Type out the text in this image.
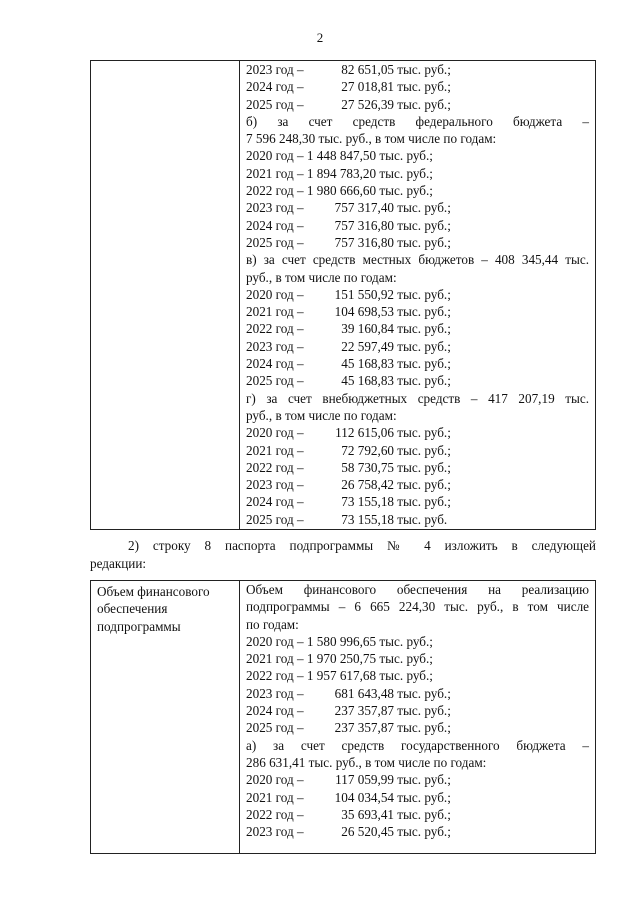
2

2023 год –	82 651,05 тыс. руб.;
2024 год –	27 018,81 тыс. руб.;
2025 год –	27 526,39 тыс. руб.;
б) за счет средств федерального бюджета –
7 596 248,30 тыс. руб., в том числе по годам:
2020 год – 1 448 847,50 тыс. руб.;
2021 год – 1 894 783,20 тыс. руб.;
2022 год – 1 980 666,60 тыс. руб.;
2023 год – 757 317,40 тыс. руб.;
2024 год – 757 316,80 тыс. руб.;
2025 год – 757 316,80 тыс. руб.;
в) за счет средств местных бюджетов – 408 345,44 тыс.
руб., в том числе по годам:
2020 год – 151 550,92 тыс. руб.;
2021 год – 104 698,53 тыс. руб.;
2022 год –	39 160,84 тыс. руб.;
2023 год –	22 597,49 тыс. руб.;
2024 год –	45 168,83 тыс. руб.;
2025 год –	45 168,83 тыс. руб.;
г) за счет внебюджетных средств – 417 207,19 тыс.
руб., в том числе по годам:
2020 год – 112 615,06 тыс. руб.;
2021 год –	72 792,60 тыс. руб.;
2022 год –	58 730,75 тыс. руб.;
2023 год –	26 758,42 тыс. руб.;
2024 год –	73 155,18 тыс. руб.;
2025 год –	73 155,18 тыс. руб.
2) строку 8 паспорта подпрограммы № 4 изложить в следующей
редакции:
Объем финансового
обеспечения
подпрограммы

Объем финансового обеспечения на реализацию
подпрограммы – 6 665 224,30 тыс. руб., в том числе
по годам:
2020 год – 1 580 996,65 тыс. руб.;
2021 год – 1 970 250,75 тыс. руб.;
2022 год – 1 957 617,68 тыс. руб.;
2023 год – 681 643,48 тыс. руб.;
2024 год – 237 357,87 тыс. руб.;
2025 год – 237 357,87 тыс. руб.;
а) за счет средств государственного бюджета –
286 631,41 тыс. руб., в том числе по годам:
2020 год – 117 059,99 тыс. руб.;
2021 год – 104 034,54 тыс. руб.;
2022 год –	35 693,41 тыс. руб.;
2023 год –	26 520,45 тыс. руб.;
